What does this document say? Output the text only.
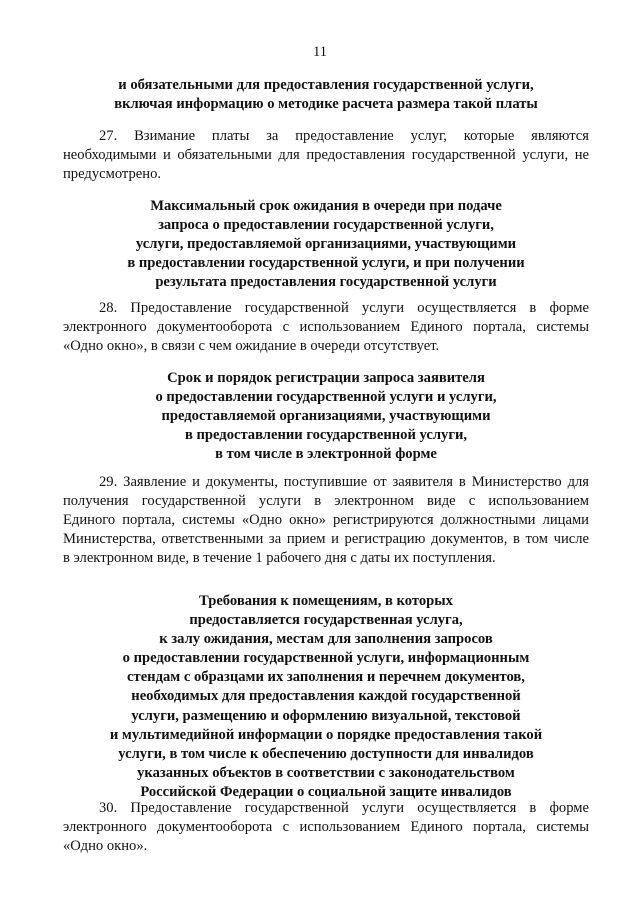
11
и обязательными для предоставления государственной услуги,
включая информацию о методике расчета размера такой платы
27. Взимание платы за предоставление услуг, которые являются
необходимыми и обязательными для предоставления государственной услуги, не
предусмотрено.
Максимальный срок ожидания в очереди при подаче
запроса о предоставлении государственной услуги,
услуги, предоставляемой организациями, участвующими
в предоставлении государственной услуги, и при получении
результата предоставления государственной услуги
28. Предоставление государственной услуги осуществляется в форме
электронного документооборота с использованием Единого портала, системы
«Одно окно», в связи с чем ожидание в очереди отсутствует.
Срок и порядок регистрации запроса заявителя
о предоставлении государственной услуги и услуги,
предоставляемой организациями, участвующими
в предоставлении государственной услуги,
в том числе в электронной форме
29. Заявление и документы, поступившие от заявителя в Министерство для
получения государственной услуги в электронном виде с использованием
Единого портала, системы «Одно окно» регистрируются должностными лицами
Министерства, ответственными за прием и регистрацию документов, в том числе
в электронном виде, в течение 1 рабочего дня с даты их поступления.
Требования к помещениям, в которых
предоставляется государственная услуга,
к залу ожидания, местам для заполнения запросов
о предоставлении государственной услуги, информационным
стендам с образцами их заполнения и перечнем документов,
необходимых для предоставления каждой государственной
услуги, размещению и оформлению визуальной, текстовой
и мультимедийной информации о порядке предоставления такой
услуги, в том числе к обеспечению доступности для инвалидов
указанных объектов в соответствии с законодательством
Российской Федерации о социальной защите инвалидов
30. Предоставление государственной услуги осуществляется в форме
электронного документооборота с использованием Единого портала, системы
«Одно окно».
